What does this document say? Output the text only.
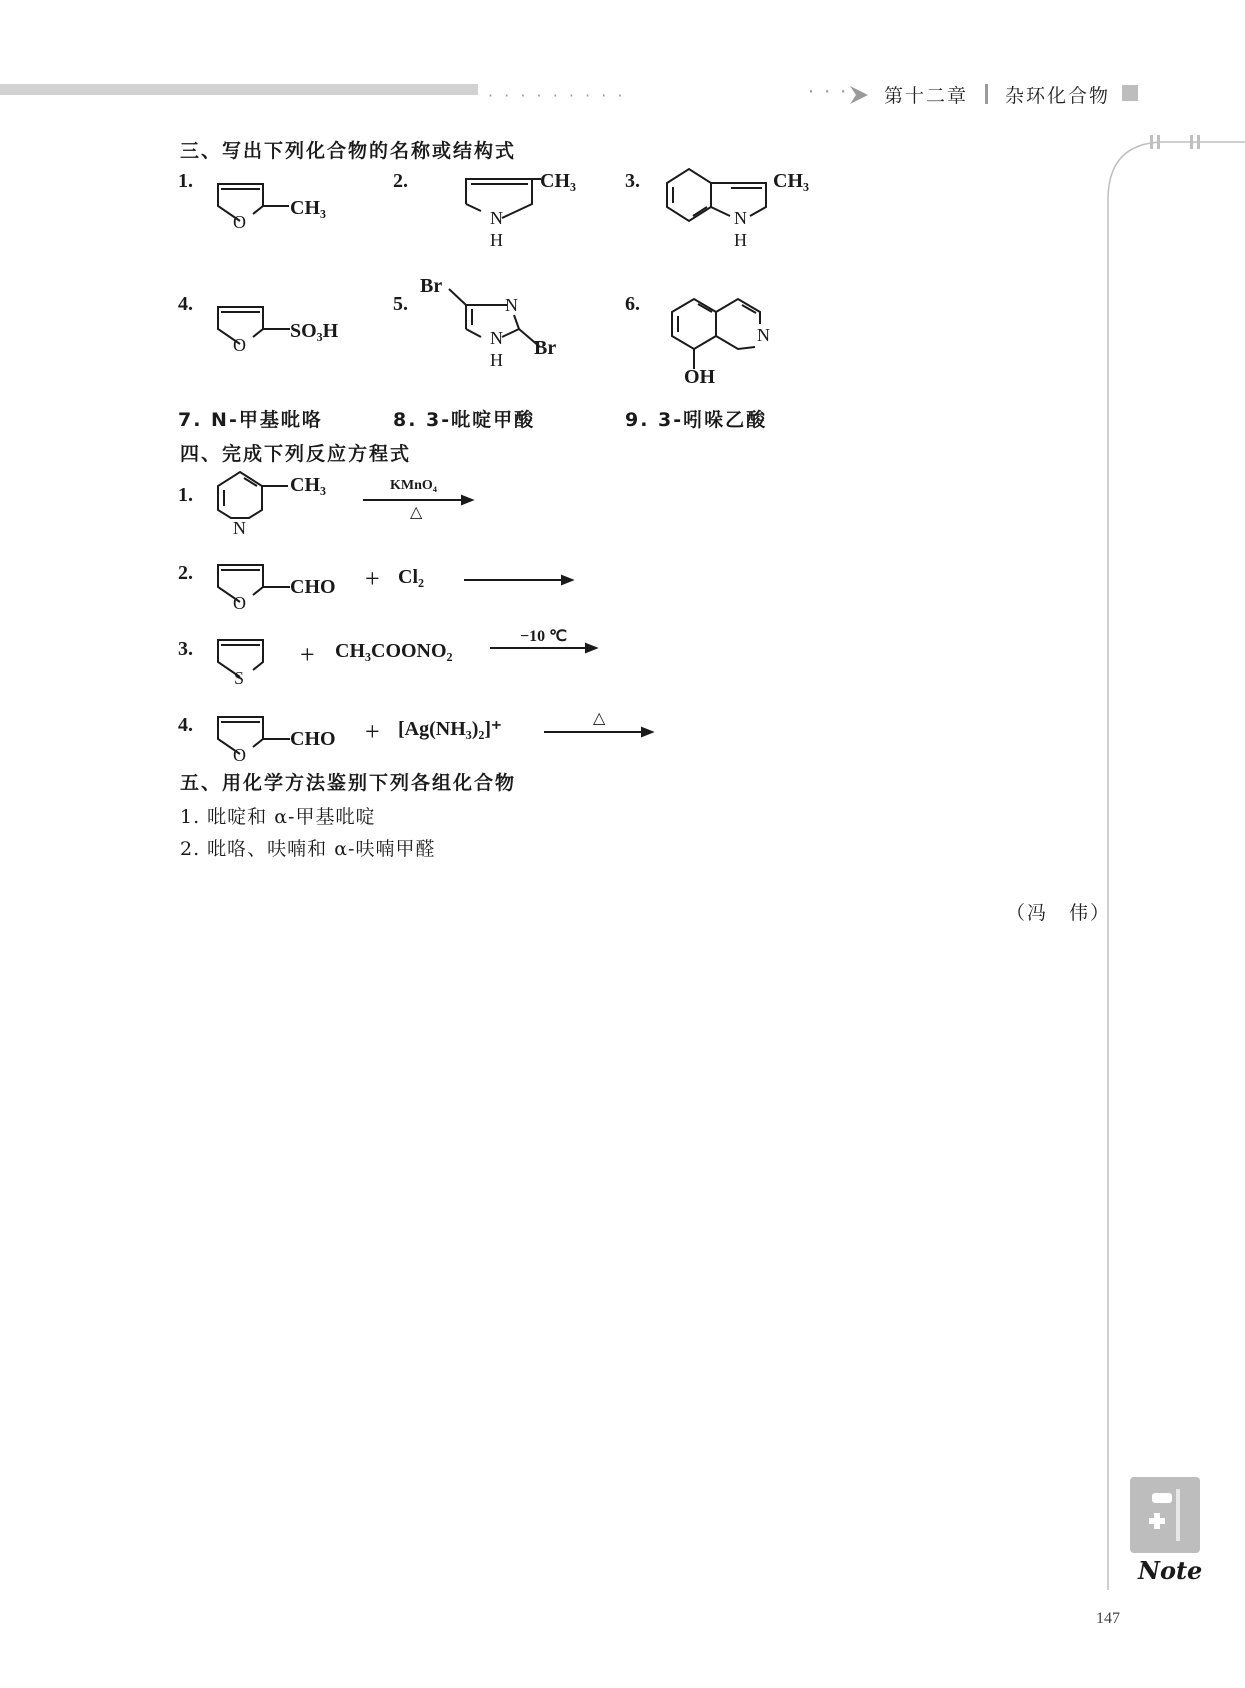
· · · · · · · · ·	· · · 第十二章 杂环化合物
三、写出下列化合物的名称或结构式
1.	2.	3.
4.	5.	6.
O	N
H
N
H
O
N
N
H
N
CH₃
CH₃	CH₃
SO₃H
Br
Br
OH
7. N-甲基吡咯	8. 3-吡啶甲酸	9. 3-吲哚乙酸
四、完成下列反应方程式
1.
2.
3.
4.
N
O
S
O
+
+
+
CH₃	KMnO₄
△
CHO	Cl₂
CH₃COONO₂
−10 ℃
CHO	[Ag(NH₃)₂]⁺	△
五、用化学方法鉴别下列各组化合物
1. 吡啶和 α-甲基吡啶
2. 吡咯、呋喃和 α-呋喃甲醛
（冯　伟）
Note
147
